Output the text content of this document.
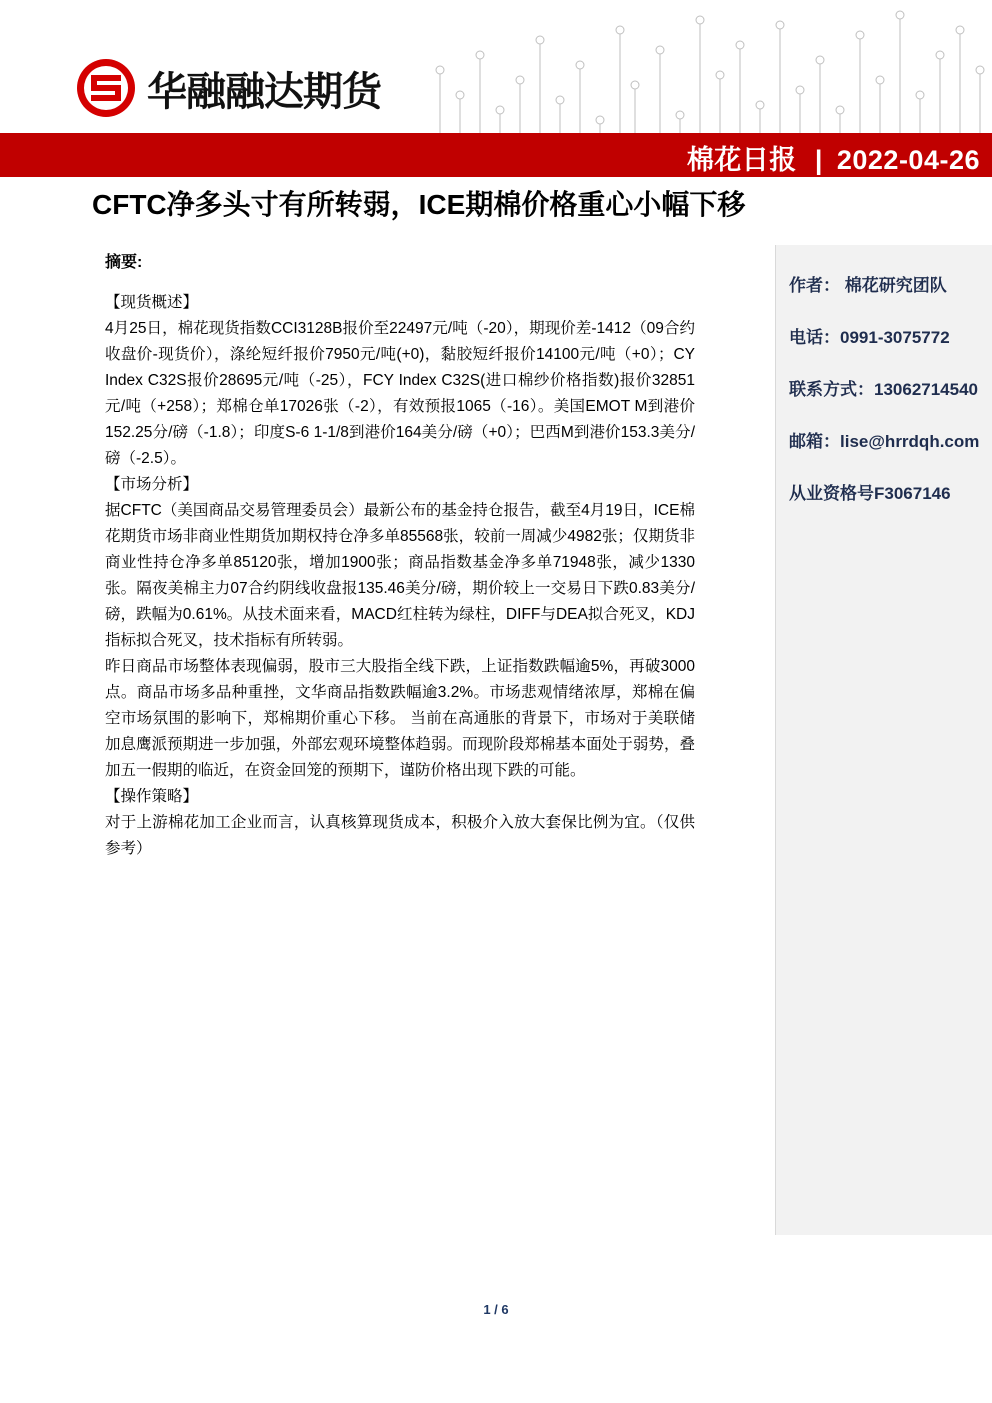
华融融达期货
棉花日报 | 2022-04-26
CFTC净多头寸有所转弱，ICE期棉价格重心小幅下移
摘要:

【现货概述】

4月25日，棉花现货指数CCI3128B报价至22497元/吨（-20），期现价差-1412（09合约收盘价-现货价），涤纶短纤报价7950元/吨(+0)，黏胶短纤报价14100元/吨（+0）；CY Index C32S报价28695元/吨（-25），FCY Index C32S(进口棉纱价格指数)报价32851元/吨（+258）；郑棉仓单17026张（-2），有效预报1065（-16）。美国EMOT M到港价152.25分/磅（-1.8）；印度S-6 1-1/8到港价164美分/磅（+0）；巴西M到港价153.3美分/磅（-2.5）。

【市场分析】

据CFTC（美国商品交易管理委员会）最新公布的基金持仓报告，截至4月19日，ICE棉花期货市场非商业性期货加期权持仓净多单85568张，较前一周减少4982张；仅期货非商业性持仓净多单85120张，增加1900张；商品指数基金净多单71948张，减少1330张。隔夜美棉主力07合约阴线收盘报135.46美分/磅，期价较上一交易日下跌0.83美分/磅，跌幅为0.61%。从技术面来看，MACD红柱转为绿柱，DIFF与DEA拟合死叉，KDJ指标拟合死叉，技术指标有所转弱。

昨日商品市场整体表现偏弱，股市三大股指全线下跌，上证指数跌幅逾5%，再破3000点。商品市场多品种重挫，文华商品指数跌幅逾3.2%。市场悲观情绪浓厚，郑棉在偏空市场氛围的影响下，郑棉期价重心下移。 当前在高通胀的背景下，市场对于美联储加息鹰派预期进一步加强，外部宏观环境整体趋弱。而现阶段郑棉基本面处于弱势，叠加五一假期的临近，在资金回笼的预期下，谨防价格出现下跌的可能。

【操作策略】

对于上游棉花加工企业而言，认真核算现货成本，积极介入放大套保比例为宜。（仅供参考）

作者： 棉花研究团队
电话：0991-3075772
联系方式：13062714540
邮箱：lise@hrrdqh.com
从业资格号F3067146
1 / 6
